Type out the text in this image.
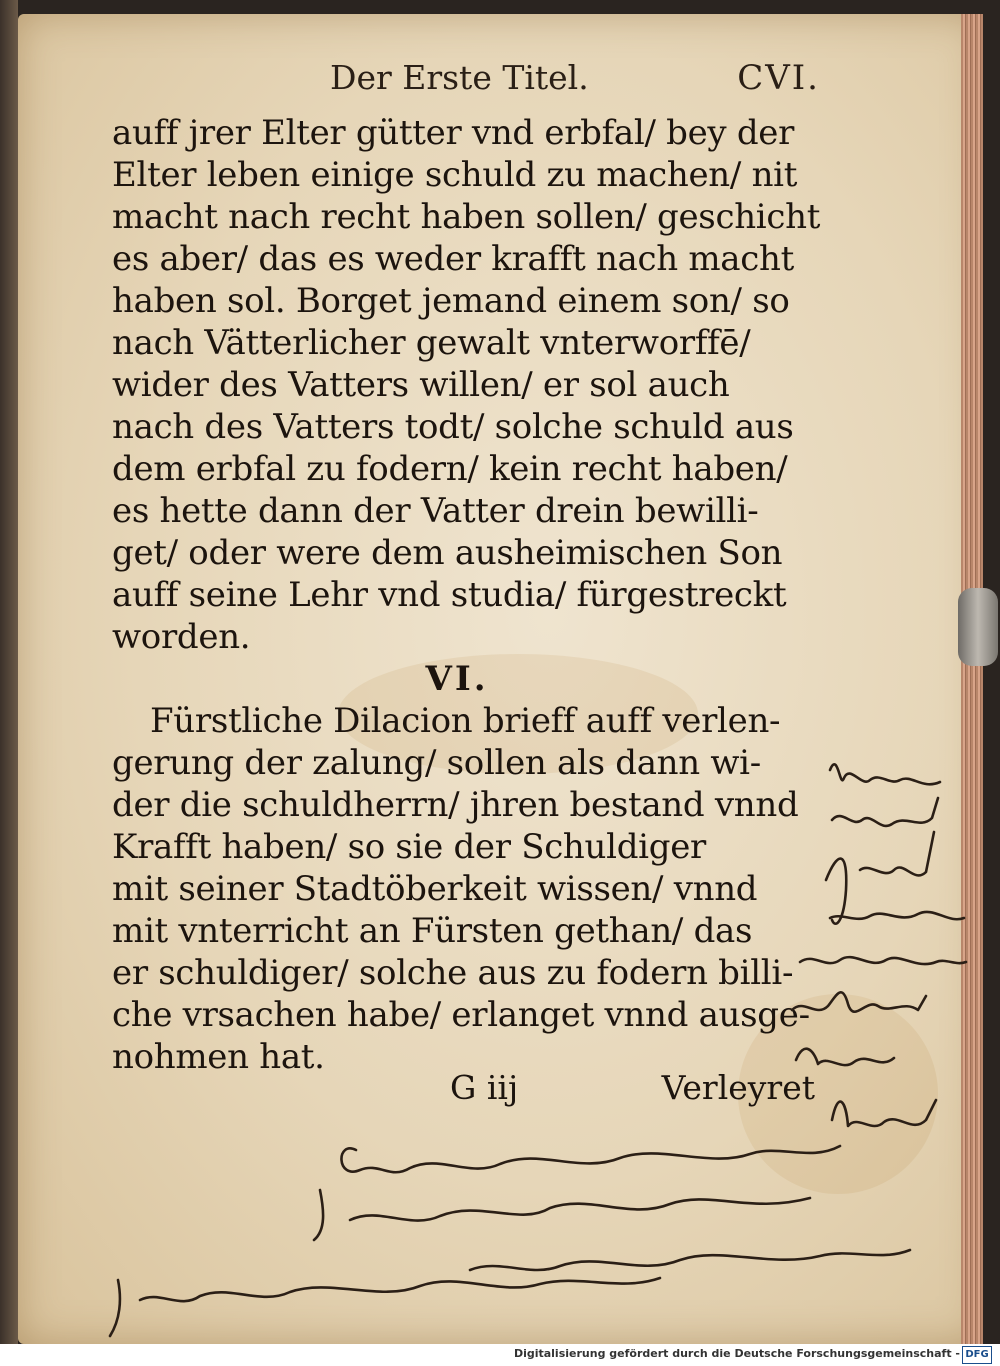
Der Erste Titel.	CVI.
auff jrer Elter gütter vnd erbfal/ bey der
Elter leben einige schuld zu machen/ nit
macht nach recht haben sollen/ geschicht
es aber/ das es weder krafft nach macht
haben sol. Borget jemand einem son/ so
nach Vätterlicher gewalt vnterworffē/
wider des Vatters willen/ er sol auch
nach des Vatters todt/ solche schuld aus
dem erbfal zu fodern/ kein recht haben/
es hette dann der Vatter drein bewilli-
get/ oder were dem ausheimischen Son
auff seine Lehr vnd studia/ fürgestreckt
worden.
VI.
Fürstliche Dilacion brieff auff verlen-
gerung der zalung/ sollen als dann wi-
der die schuldherrn/ jhren bestand vnnd
Krafft haben/ so sie der Schuldiger
mit seiner Stadtöberkeit wissen/ vnnd
mit vnterricht an Fürsten gethan/ das
er schuldiger/ solche aus zu fodern billi-
che vrsachen habe/ erlanget vnnd ausge-
nohmen hat.
G iij	Verleyret
Digitalisierung gefördert durch die Deutsche Forschungsgemeinschaft - DFG
